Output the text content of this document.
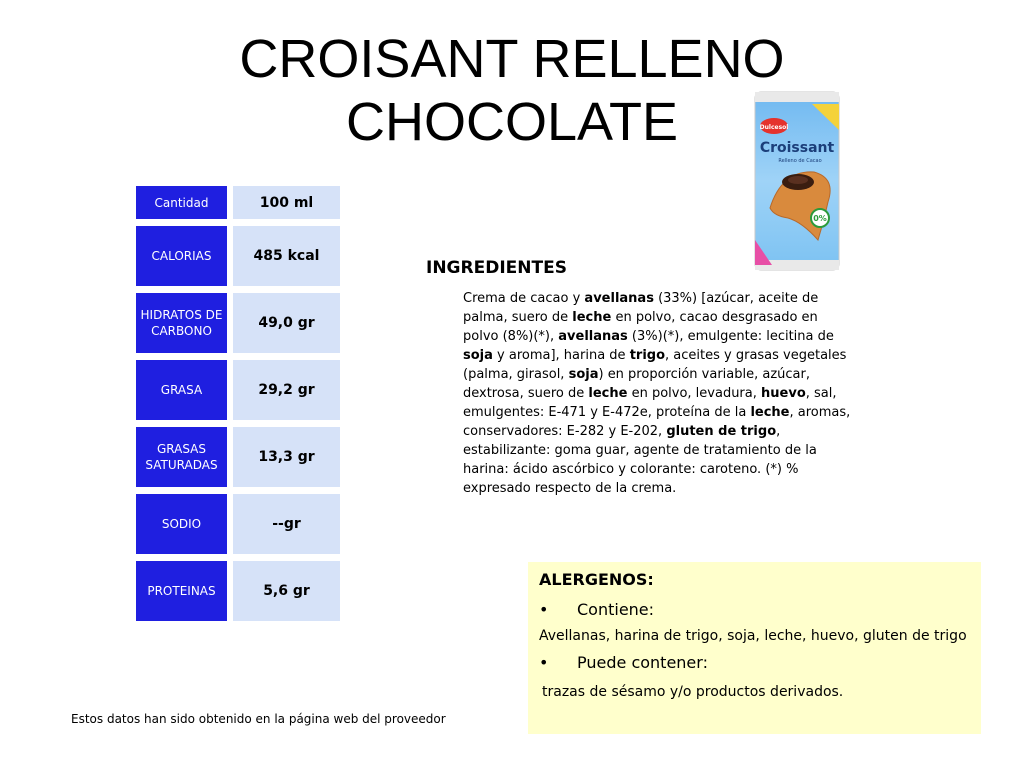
CROISANT RELLENO
CHOCOLATE	Dulcesol
Croissant
Relleno de Cacao
0%
Cantidad	100 ml
CALORIAS	485 kcal
HIDRATOS DE CARBONO	49,0 gr
GRASA	29,2 gr
GRASAS SATURADAS	13,3 gr
SODIO	--gr
PROTEINAS	5,6 gr
INGREDIENTES

Crema de cacao y avellanas (33%) [azúcar, aceite de palma, suero de leche en polvo, cacao desgrasado en polvo (8%)(*), avellanas (3%)(*), emulgente: lecitina de soja y aroma], harina de trigo, aceites y grasas vegetales (palma, girasol, soja) en proporción variable, azúcar, dextrosa, suero de leche en polvo, levadura, huevo, sal, emulgentes: E-471 y E-472e, proteína de la leche, aromas, conservadores: E-282 y E-202, gluten de trigo, estabilizante: goma guar, agente de tratamiento de la harina: ácido ascórbico y colorante: caroteno. (*) % expresado respecto de la crema.

ALERGENOS:
• Contiene:
Avellanas, harina de trigo, soja, leche, huevo, gluten de trigo
• Puede contener:
trazas de sésamo y/o productos derivados.
Estos datos han sido obtenido en la página web del proveedor
